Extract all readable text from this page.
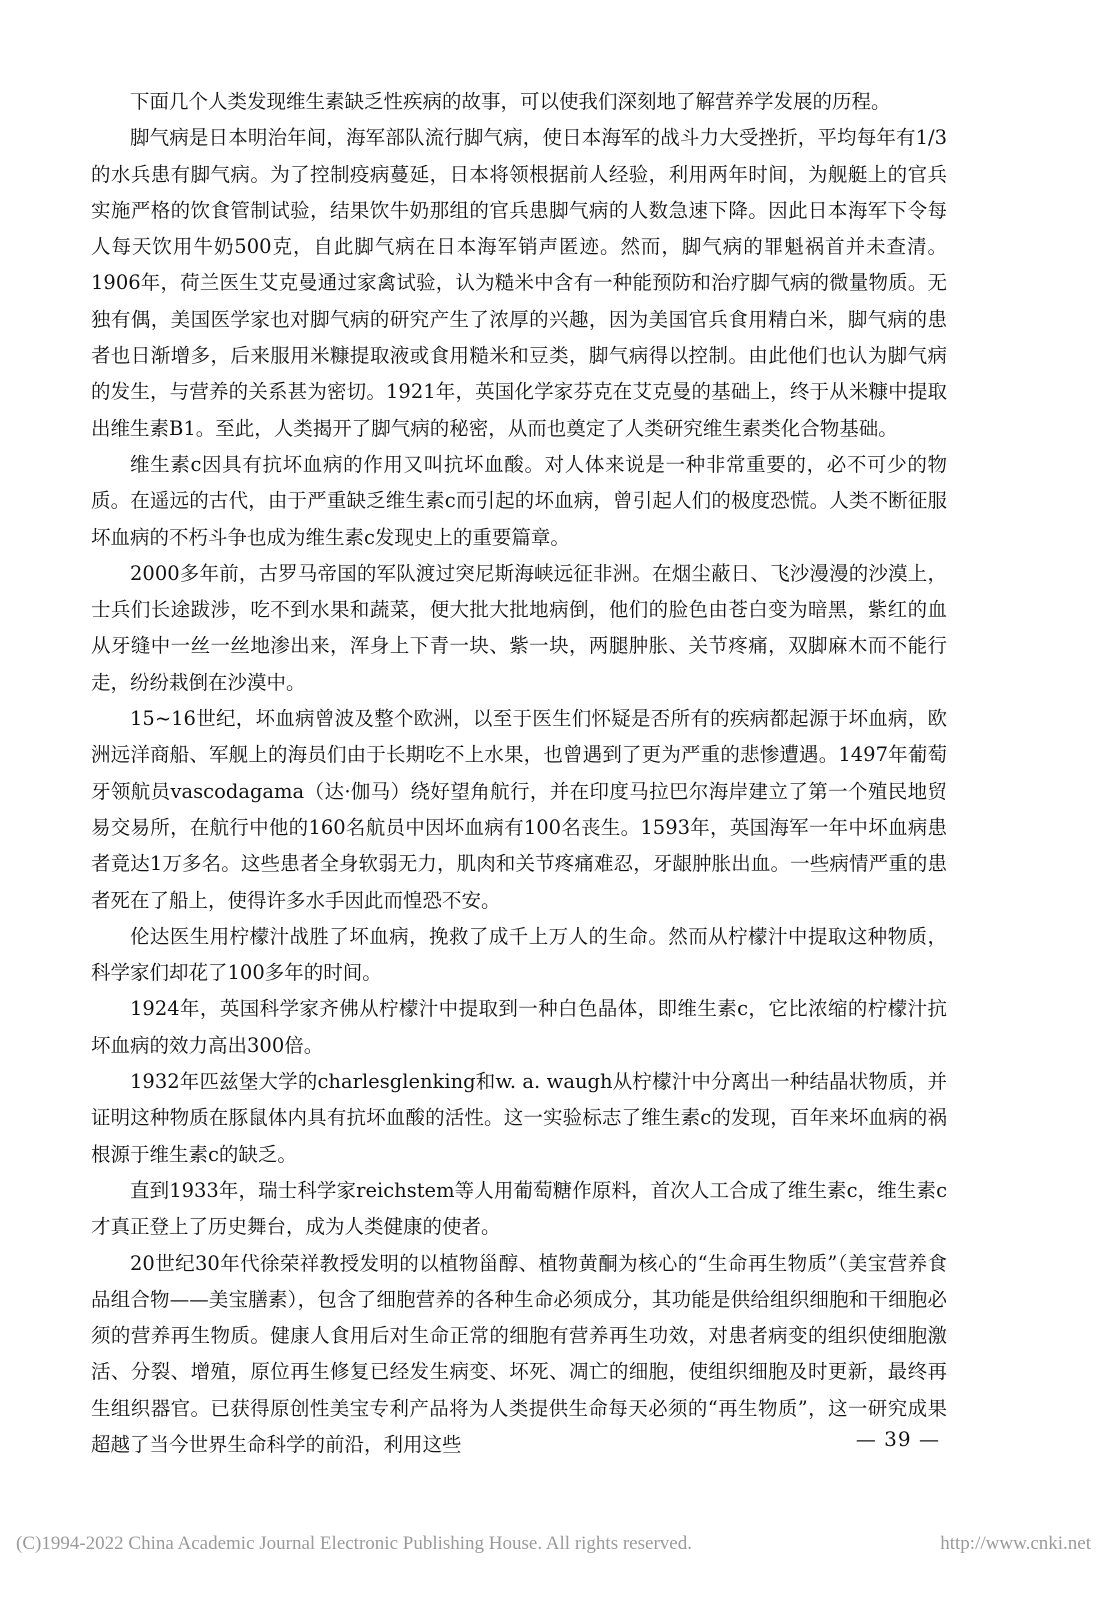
下面几个人类发现维生素缺乏性疾病的故事，可以使我们深刻地了解营养学发展的历程。

脚气病是日本明治年间，海军部队流行脚气病，使日本海军的战斗力大受挫折，平均每年有1/3的水兵患有脚气病。为了控制疫病蔓延，日本将领根据前人经验，利用两年时间，为舰艇上的官兵实施严格的饮食管制试验，结果饮牛奶那组的官兵患脚气病的人数急速下降。因此日本海军下令每人每天饮用牛奶500克，自此脚气病在日本海军销声匿迹。然而，脚气病的罪魁祸首并未查清。1906年，荷兰医生艾克曼通过家禽试验，认为糙米中含有一种能预防和治疗脚气病的微量物质。无独有偶，美国医学家也对脚气病的研究产生了浓厚的兴趣，因为美国官兵食用精白米，脚气病的患者也日渐增多，后来服用米糠提取液或食用糙米和豆类，脚气病得以控制。由此他们也认为脚气病的发生，与营养的关系甚为密切。1921年，英国化学家芬克在艾克曼的基础上，终于从米糠中提取出维生素B1。至此，人类揭开了脚气病的秘密，从而也奠定了人类研究维生素类化合物基础。

维生素c因具有抗坏血病的作用又叫抗坏血酸。对人体来说是一种非常重要的，必不可少的物质。在遥远的古代，由于严重缺乏维生素c而引起的坏血病，曾引起人们的极度恐慌。人类不断征服坏血病的不朽斗争也成为维生素c发现史上的重要篇章。

2000多年前，古罗马帝国的军队渡过突尼斯海峡远征非洲。在烟尘蔽日、飞沙漫漫的沙漠上，士兵们长途跋涉，吃不到水果和蔬菜，便大批大批地病倒，他们的脸色由苍白变为暗黑，紫红的血从牙缝中一丝一丝地渗出来，浑身上下青一块、紫一块，两腿肿胀、关节疼痛，双脚麻木而不能行走，纷纷栽倒在沙漠中。

15~16世纪，坏血病曾波及整个欧洲，以至于医生们怀疑是否所有的疾病都起源于坏血病，欧洲远洋商船、军舰上的海员们由于长期吃不上水果，也曾遇到了更为严重的悲惨遭遇。1497年葡萄牙领航员vascodagama（达·伽马）绕好望角航行，并在印度马拉巴尔海岸建立了第一个殖民地贸易交易所，在航行中他的160名航员中因坏血病有100名丧生。1593年，英国海军一年中坏血病患者竟达1万多名。这些患者全身软弱无力，肌肉和关节疼痛难忍，牙龈肿胀出血。一些病情严重的患者死在了船上，使得许多水手因此而惶恐不安。

伦达医生用柠檬汁战胜了坏血病，挽救了成千上万人的生命。然而从柠檬汁中提取这种物质，科学家们却花了100多年的时间。

1924年，英国科学家齐佛从柠檬汁中提取到一种白色晶体，即维生素c，它比浓缩的柠檬汁抗坏血病的效力高出300倍。

1932年匹兹堡大学的charlesglenking和w. a. waugh从柠檬汁中分离出一种结晶状物质，并证明这种物质在豚鼠体内具有抗坏血酸的活性。这一实验标志了维生素c的发现，百年来坏血病的祸根源于维生素c的缺乏。

直到1933年，瑞士科学家reichstem等人用葡萄糖作原料，首次人工合成了维生素c，维生素c才真正登上了历史舞台，成为人类健康的使者。

20世纪30年代徐荣祥教授发明的以植物甾醇、植物黄酮为核心的“生命再生物质”（美宝营养食品组合物——美宝膳素），包含了细胞营养的各种生命必须成分，其功能是供给组织细胞和干细胞必须的营养再生物质。健康人食用后对生命正常的细胞有营养再生功效，对患者病变的组织使细胞激活、分裂、增殖，原位再生修复已经发生病变、坏死、凋亡的细胞，使组织细胞及时更新，最终再生组织器官。已获得原创性美宝专利产品将为人类提供生命每天必须的“再生物质”，这一研究成果超越了当今世界生命科学的前沿，利用这些	— 39 —
(C)1994-2022 China Academic Journal Electronic Publishing House. All rights reserved.	http://www.cnki.net
